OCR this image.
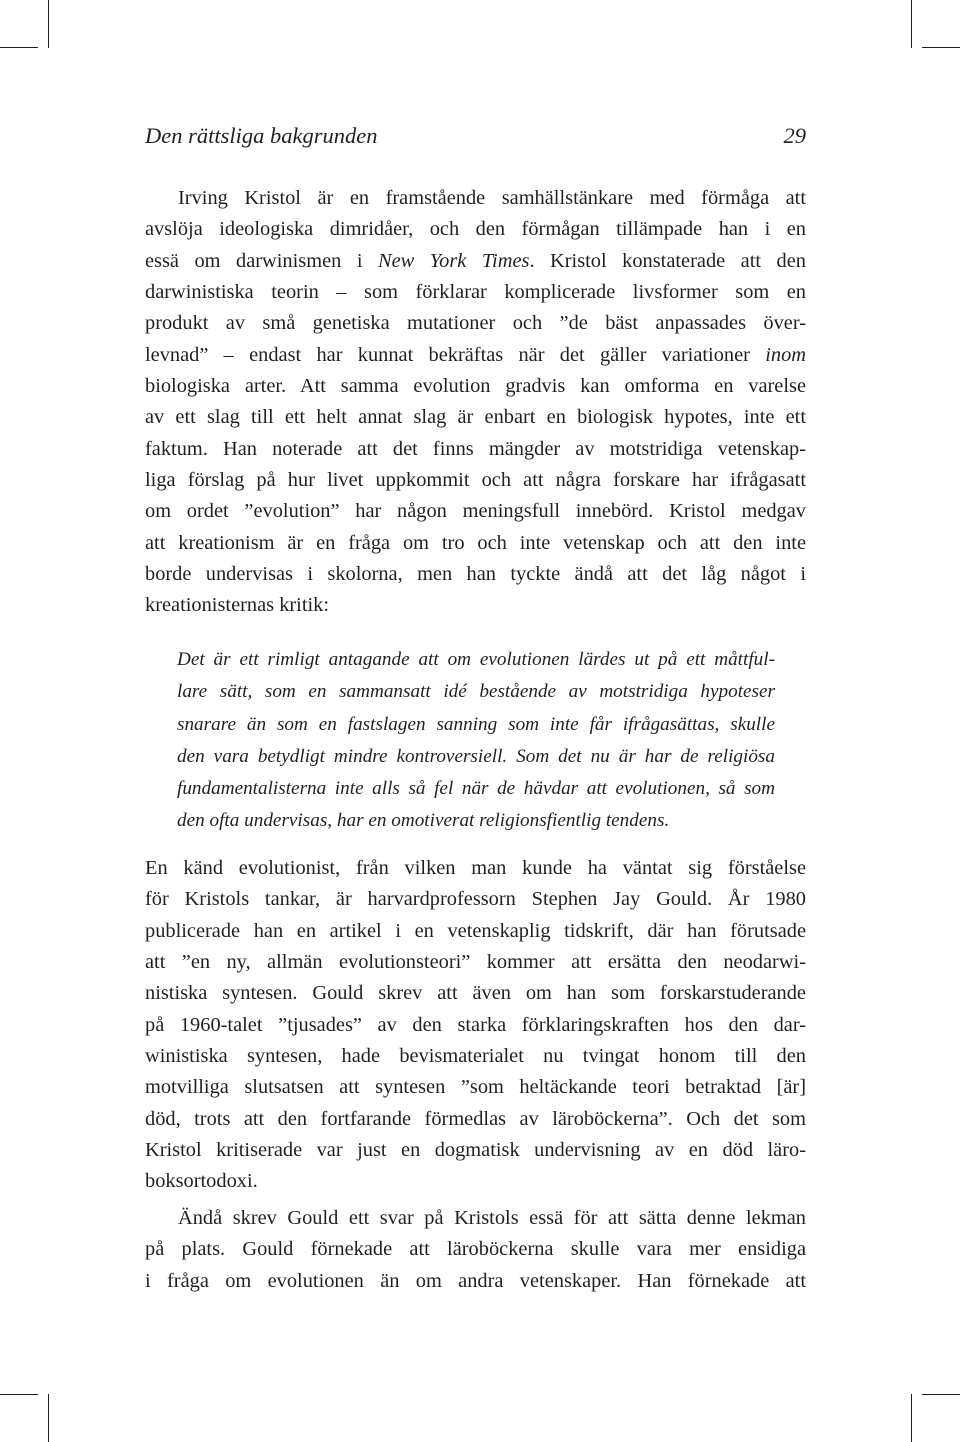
Den rättsliga bakgrunden	29
Irving Kristol är en framstående samhällstänkare med förmåga att
avslöja ideologiska dimridåer, och den förmågan tillämpade han i en
essä om darwinismen i New York Times. Kristol konstaterade att den
darwinistiska teorin – som förklarar komplicerade livsformer som en
produkt av små genetiska mutationer och ”de bäst anpassades över-
levnad” – endast har kunnat bekräftas när det gäller variationer inom
biologiska arter. Att samma evolution gradvis kan omforma en varelse
av ett slag till ett helt annat slag är enbart en biologisk hypotes, inte ett
faktum. Han noterade att det finns mängder av motstridiga vetenskap-
liga förslag på hur livet uppkommit och att några forskare har ifrågasatt
om ordet ”evolution” har någon meningsfull innebörd. Kristol medgav
att kreationism är en fråga om tro och inte vetenskap och att den inte
borde undervisas i skolorna, men han tyckte ändå att det låg något i
kreationisternas kritik:
Det är ett rimligt antagande att om evolutionen lärdes ut på ett måttful-
lare sätt, som en sammansatt idé bestående av motstridiga hypoteser
snarare än som en fastslagen sanning som inte får ifrågasättas, skulle
den vara betydligt mindre kontroversiell. Som det nu är har de religiösa
fundamentalisterna inte alls så fel när de hävdar att evolutionen, så som
den ofta undervisas, har en omotiverat religionsfientlig tendens.
En känd evolutionist, från vilken man kunde ha väntat sig förståelse
för Kristols tankar, är harvardprofessorn Stephen Jay Gould. År 1980
publicerade han en artikel i en vetenskaplig tidskrift, där han förutsade
att ”en ny, allmän evolutionsteori” kommer att ersätta den neodarwi-
nistiska syntesen. Gould skrev att även om han som forskarstuderande
på 1960-talet ”tjusades” av den starka förklaringskraften hos den dar-
winistiska syntesen, hade bevismaterialet nu tvingat honom till den
motvilliga slutsatsen att syntesen ”som heltäckande teori betraktad [är]
död, trots att den fortfarande förmedlas av läroböckerna”. Och det som
Kristol kritiserade var just en dogmatisk undervisning av en död läro-
boksortodoxi.
Ändå skrev Gould ett svar på Kristols essä för att sätta denne lekman
på plats. Gould förnekade att läroböckerna skulle vara mer ensidiga
i fråga om evolutionen än om andra vetenskaper. Han förnekade att
